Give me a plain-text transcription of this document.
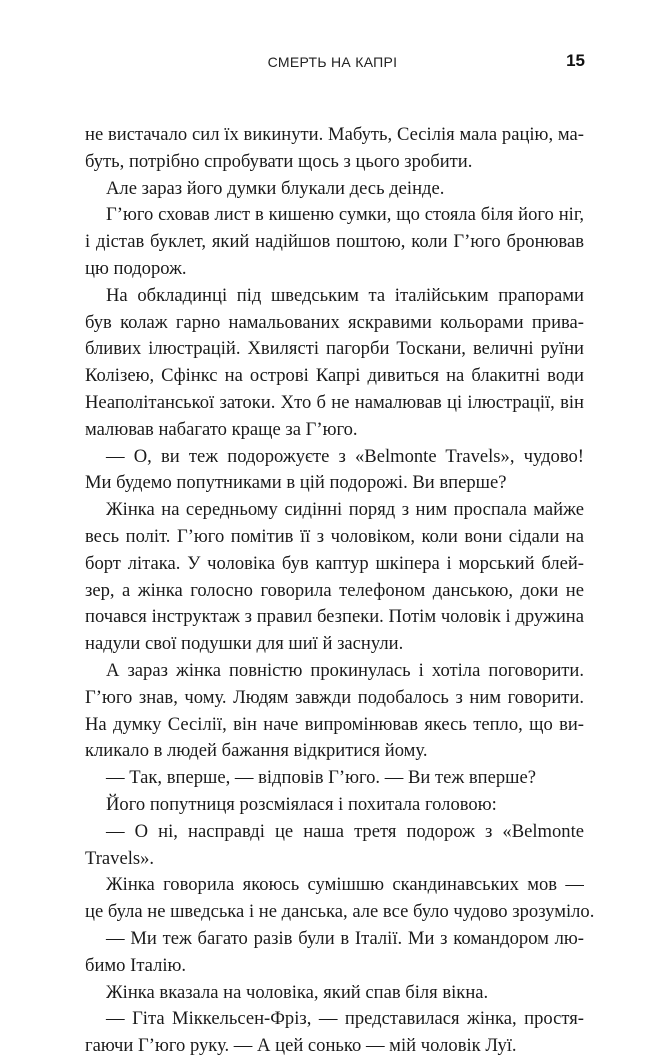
СМЕРТЬ НА КАПРІ	15
не вистачало сил їх викинути. Мабуть, Сесілія мала рацію, ма-
буть, потрібно спробувати щось з цього зробити.
Але зараз його думки блукали десь деінде.
Г’юго сховав лист в кишеню сумки, що стояла біля його ніг,
і дістав буклет, який надійшов поштою, коли Г’юго бронював
цю подорож.
На обкладинці під шведським та італійським прапорами
був колаж гарно намальованих яскравими кольорами прива-
бливих ілюстрацій. Хвилясті пагорби Тоскани, величні руїни
Колізею, Сфінкс на острові Капрі дивиться на блакитні води
Неаполітанської затоки. Хто б не намалював ці ілюстрації, він
малював набагато краще за Г’юго.
— О, ви теж подорожуєте з «Belmonte Travels», чудово!
Ми будемо попутниками в цій подорожі. Ви вперше?
Жінка на середньому сидінні поряд з ним проспала майже
весь політ. Г’юго помітив її з чоловіком, коли вони сідали на
борт літака. У чоловіка був каптур шкіпера і морський блей-
зер, а жінка голосно говорила телефоном данською, доки не
почався інструктаж з правил безпеки. Потім чоловік і дружина
надули свої подушки для шиї й заснули.
А зараз жінка повністю прокинулась і хотіла поговорити.
Г’юго знав, чому. Людям завжди подобалось з ним говорити.
На думку Сесілії, він наче випромінював якесь тепло, що ви-
кликало в людей бажання відкритися йому.
— Так, вперше, — відповів Г’юго. — Ви теж вперше?
Його попутниця розсміялася і похитала головою:
— О ні, насправді це наша третя подорож з «Belmonte
Travels».
Жінка говорила якоюсь сумішшю скандинавських мов —
це була не шведська і не данська, але все було чудово зрозуміло.
— Ми теж багато разів були в Італії. Ми з командором лю-
бимо Італію.
Жінка вказала на чоловіка, який спав біля вікна.
— Гіта Міккельсен-Фріз, — представилася жінка, простя-
гаючи Г’юго руку. — А цей сонько — мій чоловік Луї.
